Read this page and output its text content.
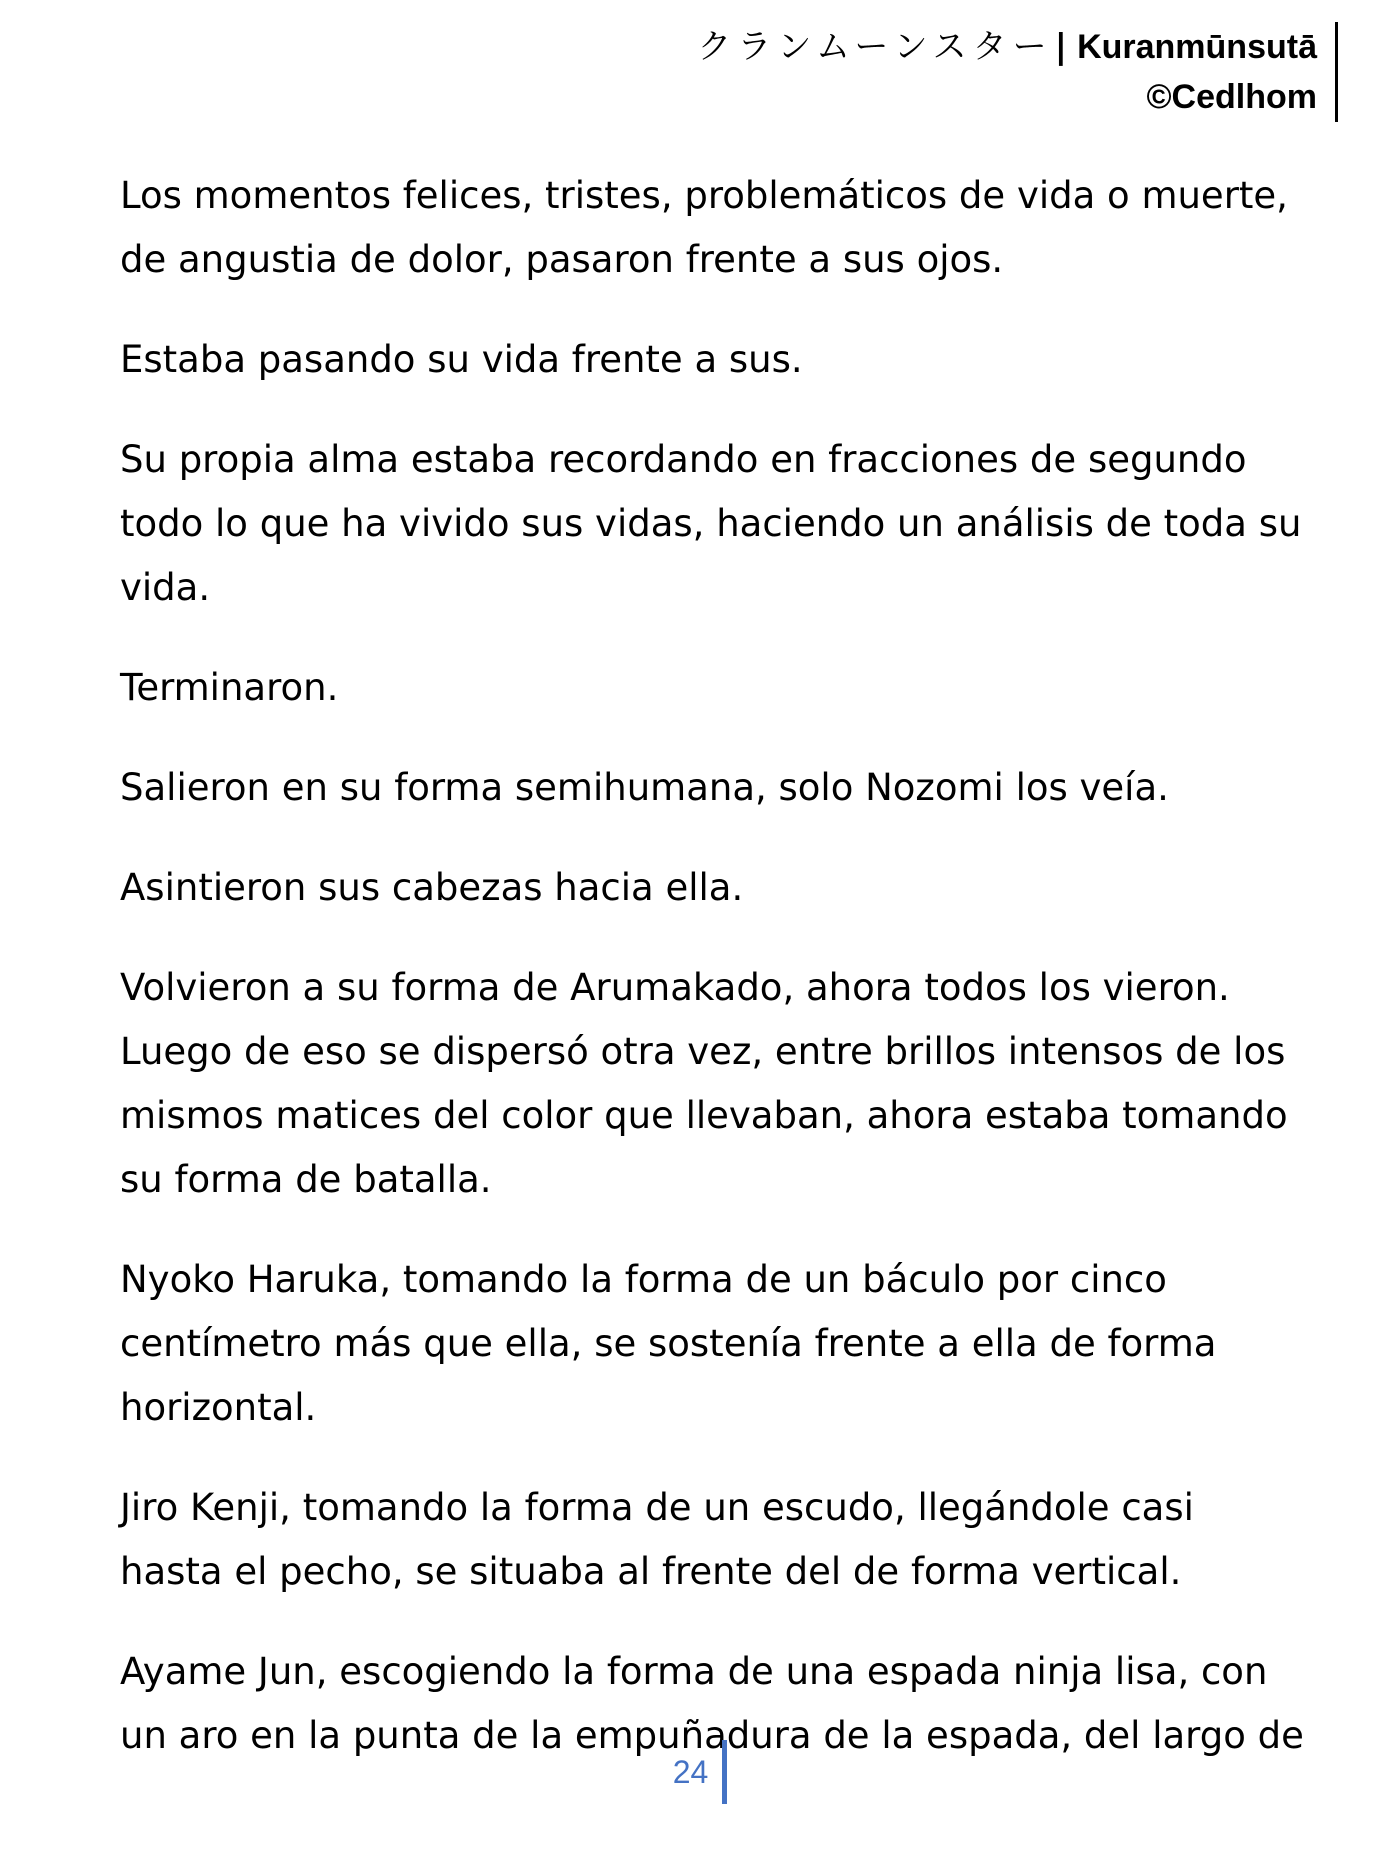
クランムーンスター| Kuranmūnsutā
©Cedlhom

Los momentos felices, tristes, problemáticos de vida o muerte, de angustia de dolor, pasaron frente a sus ojos.

Estaba pasando su vida frente a sus.

Su propia alma estaba recordando en fracciones de segundo todo lo que ha vivido sus vidas, haciendo un análisis de toda su vida.

Terminaron.

Salieron en su forma semihumana, solo Nozomi los veía.

Asintieron sus cabezas hacia ella.

Volvieron a su forma de Arumakado, ahora todos los vieron. Luego de eso se dispersó otra vez, entre brillos intensos de los mismos matices del color que llevaban, ahora estaba tomando su forma de batalla.

Nyoko Haruka, tomando la forma de un báculo por cinco centímetro más que ella, se sostenía frente a ella de forma horizontal.

Jiro Kenji, tomando la forma de un escudo, llegándole casi hasta el pecho, se situaba al frente del de forma vertical.

Ayame Jun, escogiendo la forma de una espada ninja lisa, con un aro en la punta de la empuñadura de la espada, del largo de

24
